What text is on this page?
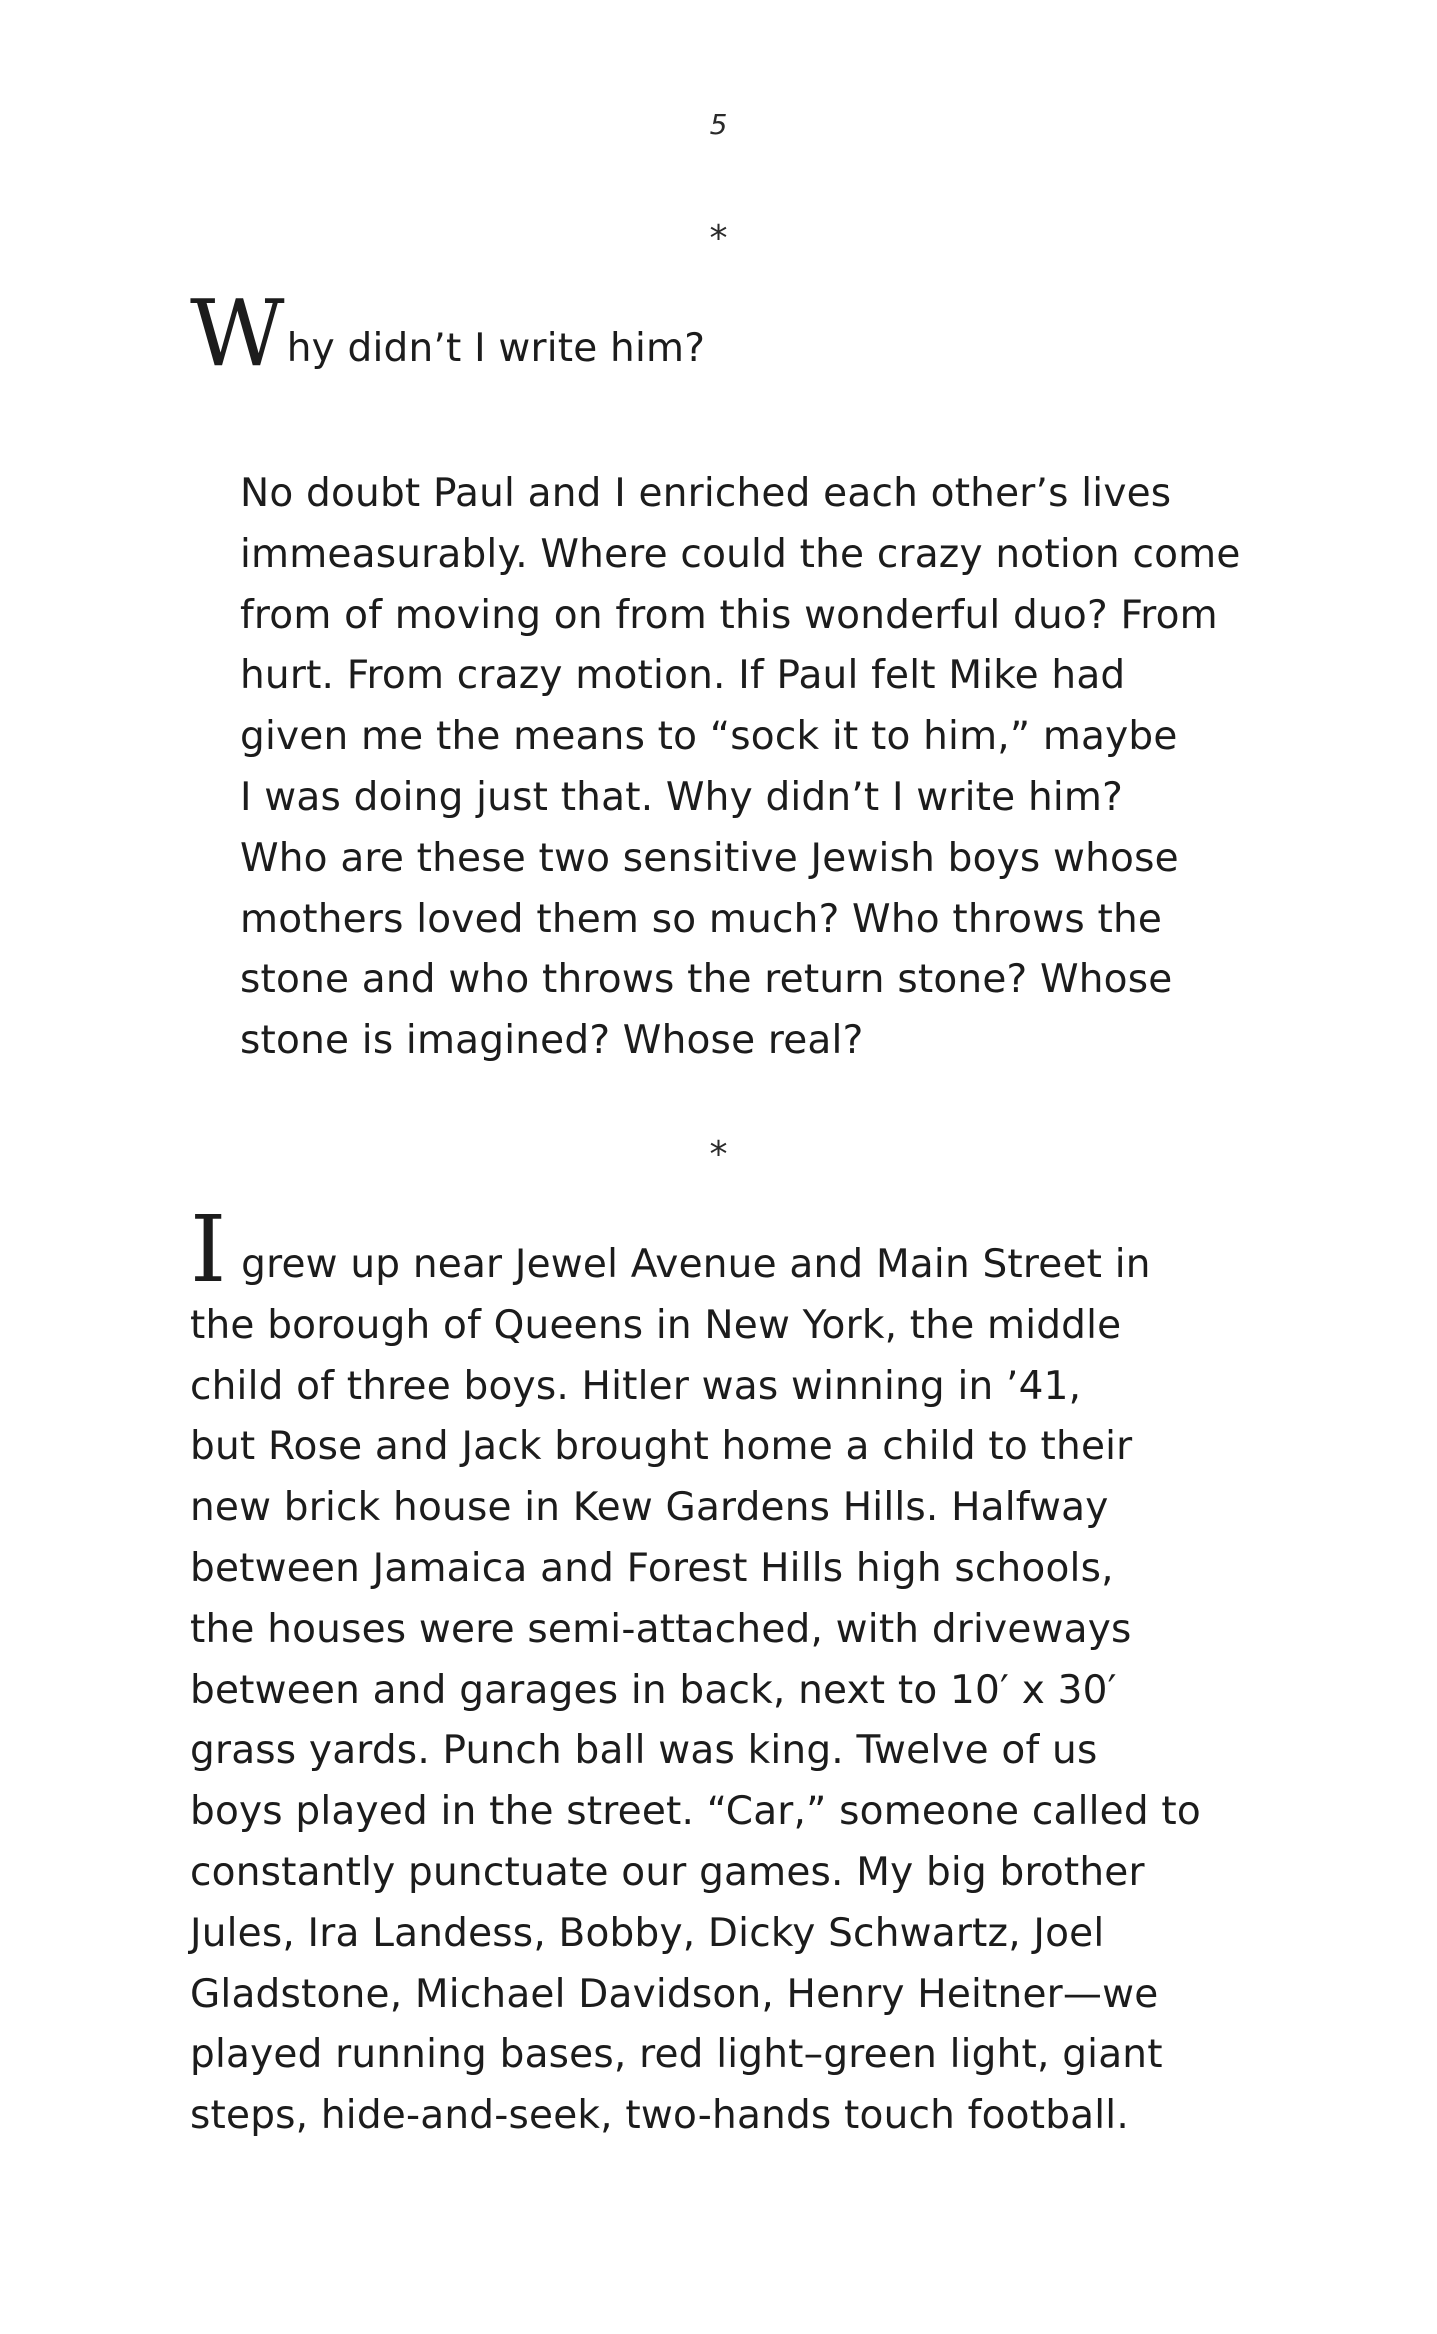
5
*

Why didn’t I write him?

No doubt Paul and I enriched each other’s lives
immeasurably. Where could the crazy notion come
from of moving on from this wonderful duo? From
hurt. From crazy motion. If Paul felt Mike had
given me the means to “sock it to him,” maybe
I was doing just that. Why didn’t I write him?
Who are these two sensitive Jewish boys whose
mothers loved them so much? Who throws the
stone and who throws the return stone? Whose
stone is imagined? Whose real?

*

I grew up near Jewel Avenue and Main Street in
the borough of Queens in New York, the middle
child of three boys. Hitler was winning in ’41,
but Rose and Jack brought home a child to their
new brick house in Kew Gardens Hills. Halfway
between Jamaica and Forest Hills high schools,
the houses were semi-attached, with driveways
between and garages in back, next to 10′ x 30′
grass yards. Punch ball was king. Twelve of us
boys played in the street. “Car,” someone called to
constantly punctuate our games. My big brother
Jules, Ira Landess, Bobby, Dicky Schwartz, Joel
Gladstone, Michael Davidson, Henry Heitner—we
played running bases, red light–green light, giant
steps, hide-and-seek, two-hands touch football.
